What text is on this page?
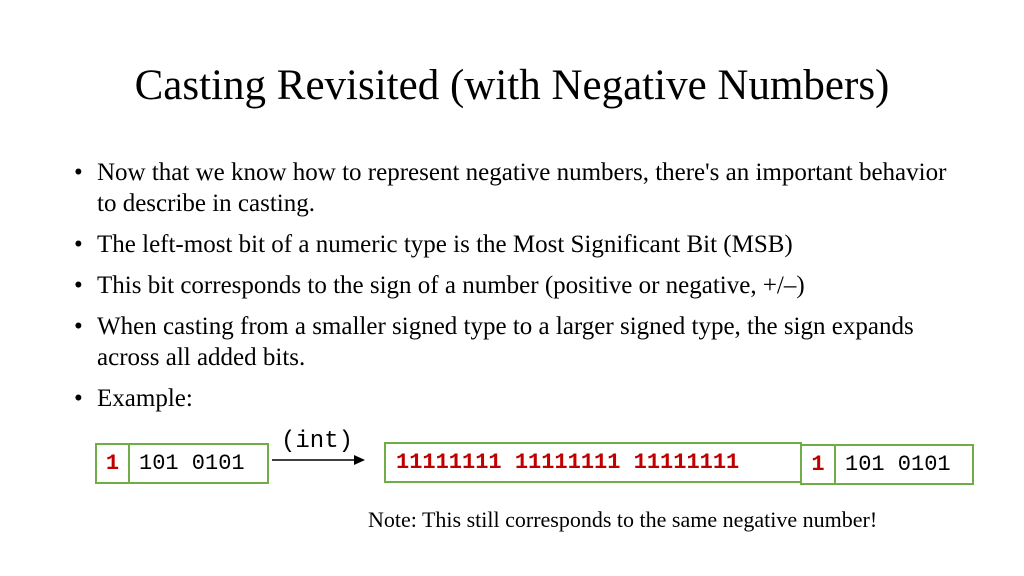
Casting Revisited (with Negative Numbers)
• Now that we know how to represent negative numbers, there's an important behavior to describe in casting.
• The left-most bit of a numeric type is the Most Significant Bit (MSB)
• This bit corresponds to the sign of a number (positive or negative, +/–)
• When casting from a smaller signed type to a larger signed type, the sign expands across all added bits.
• Example:
1 101 0101
(int)
11111111 11111111 11111111	1 101 0101
Note: This still corresponds to the same negative number!
